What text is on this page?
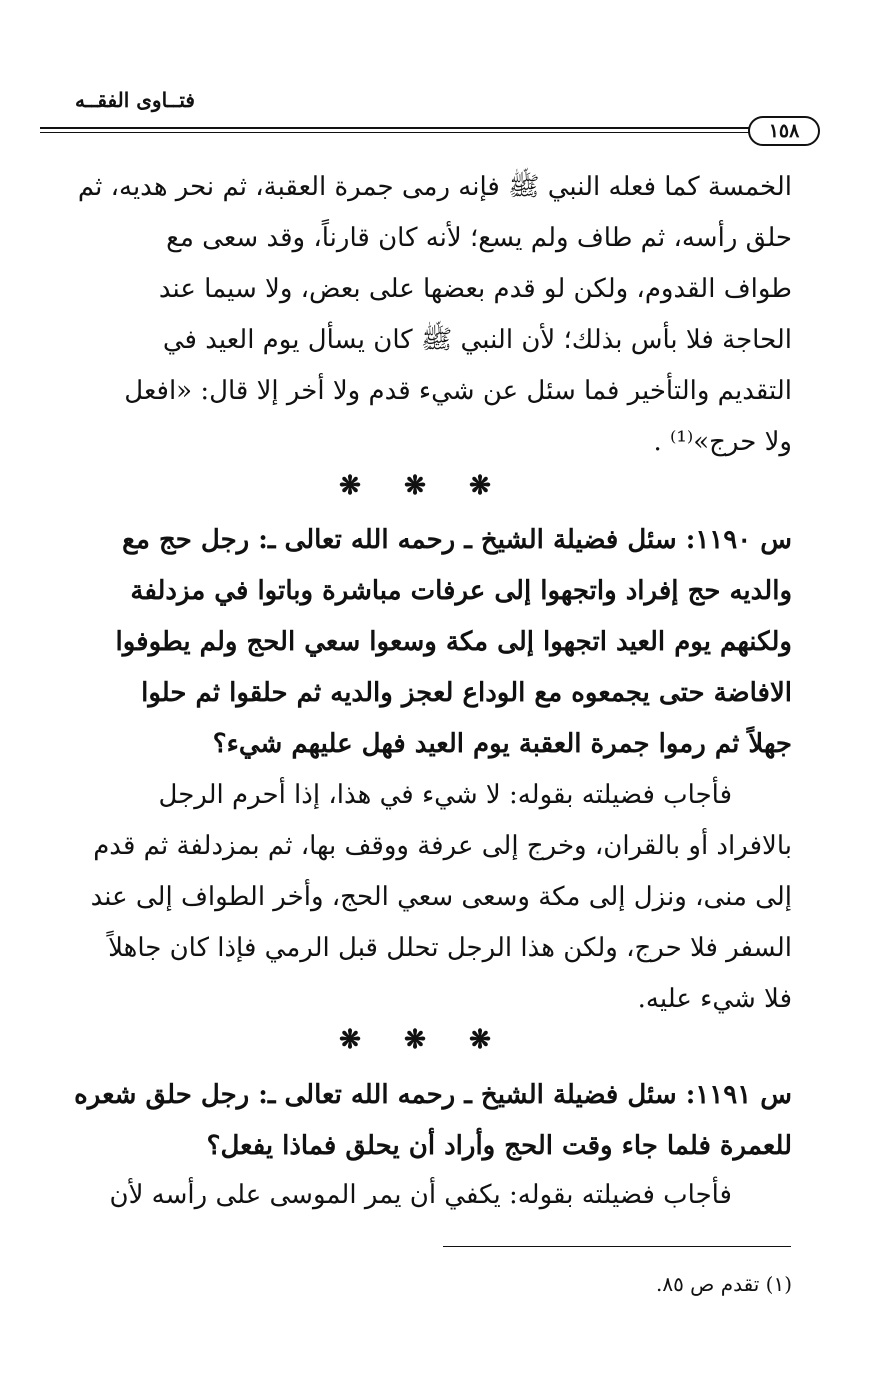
فتــاوى الفقــه
١٥٨
الخمسة كما فعله النبي ﷺ فإنه رمى جمرة العقبة، ثم نحر هديه، ثم
حلق رأسه، ثم طاف ولم يسع؛ لأنه كان قارناً، وقد سعى مع
طواف القدوم، ولكن لو قدم بعضها على بعض، ولا سيما عند
الحاجة فلا بأس بذلك؛ لأن النبي ﷺ كان يسأل يوم العيد في
التقديم والتأخير فما سئل عن شيء قدم ولا أخر إلا قال: «افعل
ولا حرج»⁽¹⁾ .
❋	❋	❋
س ١١٩٠: سئل فضيلة الشيخ ـ رحمه الله تعالى ـ: رجل حج مع
والديه حج إفراد واتجهوا إلى عرفات مباشرة وباتوا في مزدلفة
ولكنهم يوم العيد اتجهوا إلى مكة وسعوا سعي الحج ولم يطوفوا
الافاضة حتى يجمعوه مع الوداع لعجز والديه ثم حلقوا ثم حلوا
جهلاً ثم رموا جمرة العقبة يوم العيد فهل عليهم شيء؟
فأجاب فضيلته بقوله: لا شيء في هذا، إذا أحرم الرجل
بالافراد أو بالقران، وخرج إلى عرفة ووقف بها، ثم بمزدلفة ثم قدم
إلى منى، ونزل إلى مكة وسعى سعي الحج، وأخر الطواف إلى عند
السفر فلا حرج، ولكن هذا الرجل تحلل قبل الرمي فإذا كان جاهلاً
فلا شيء عليه.
❋	❋	❋
س ١١٩١: سئل فضيلة الشيخ ـ رحمه الله تعالى ـ: رجل حلق شعره
للعمرة فلما جاء وقت الحج وأراد أن يحلق فماذا يفعل؟
فأجاب فضيلته بقوله: يكفي أن يمر الموسى على رأسه لأن
(١) تقدم ص ٨٥.
